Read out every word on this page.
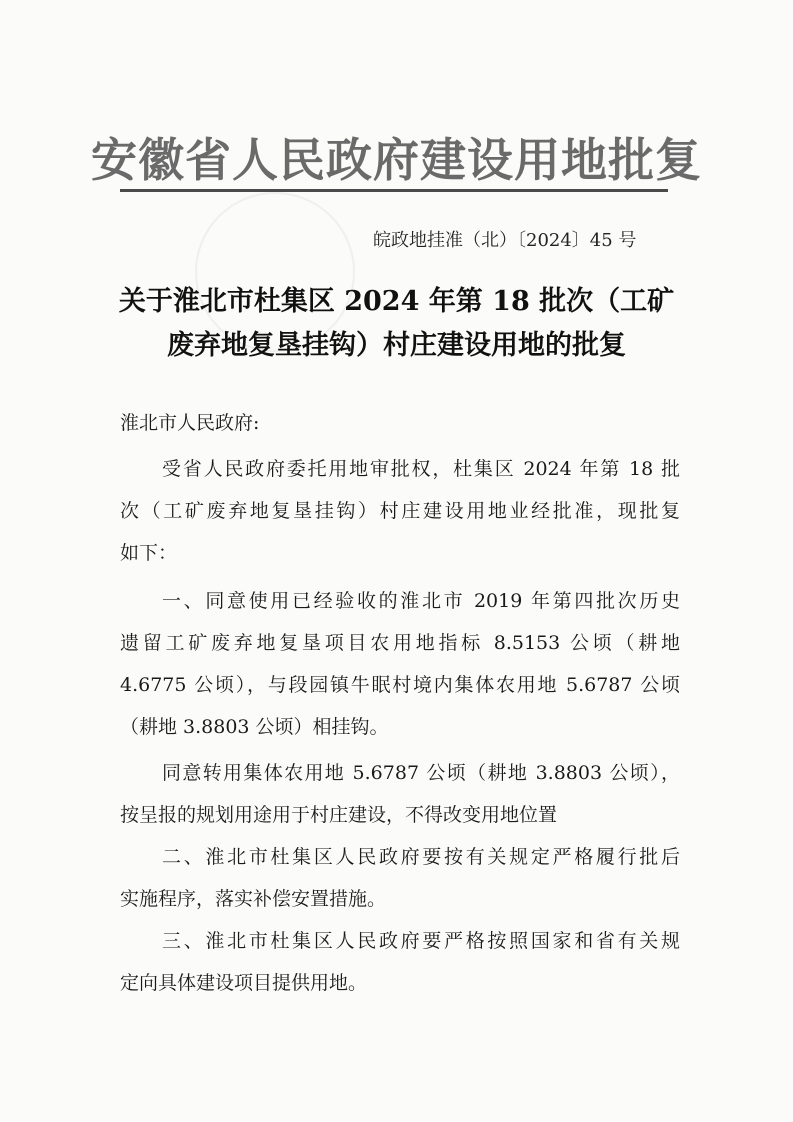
安徽省人民政府建设用地批复
皖政地挂准（北）〔2024〕45 号
关于淮北市杜集区 2024 年第 18 批次（工矿
废弃地复垦挂钩）村庄建设用地的批复
淮北市人民政府:
受省人民政府委托用地审批权，杜集区 2024 年第 18 批
次（工矿废弃地复垦挂钩）村庄建设用地业经批准，现批复
如下：
一、同意使用已经验收的淮北市 2019 年第四批次历史
遗留工矿废弃地复垦项目农用地指标 8.5153 公顷（耕地
4.6775 公顷），与段园镇牛眠村境内集体农用地 5.6787 公顷
（耕地 3.8803 公顷）相挂钩。
同意转用集体农用地 5.6787 公顷（耕地 3.8803 公顷），
按呈报的规划用途用于村庄建设，不得改变用地位置
二、淮北市杜集区人民政府要按有关规定严格履行批后
实施程序，落实补偿安置措施。
三、淮北市杜集区人民政府要严格按照国家和省有关规
定向具体建设项目提供用地。
